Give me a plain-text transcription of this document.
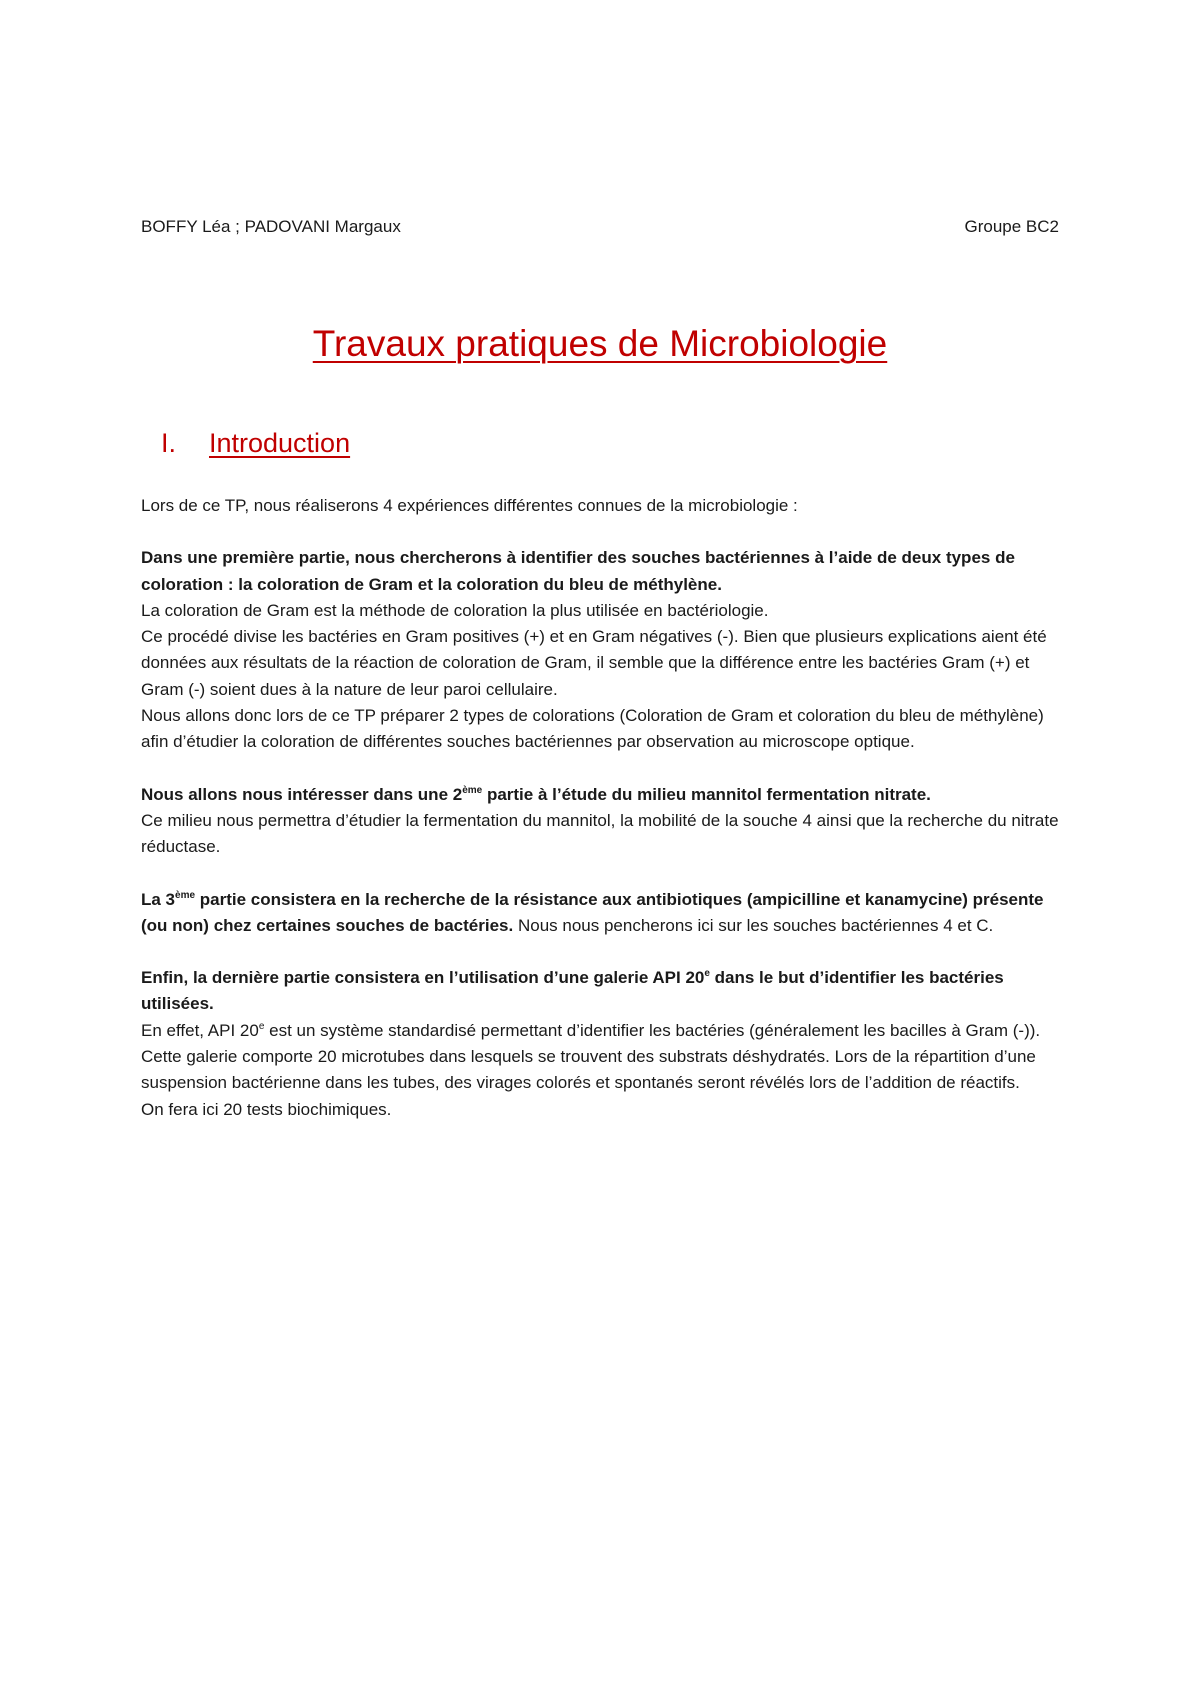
BOFFY Léa ; PADOVANI Margaux	Groupe BC2
Travaux pratiques de Microbiologie
I.	Introduction

Lors de ce TP, nous réaliserons 4 expériences différentes connues de la microbiologie :

Dans une première partie, nous chercherons à identifier des souches bactériennes à l’aide de deux types de coloration : la coloration de Gram et la coloration du bleu de méthylène.

La coloration de Gram est la méthode de coloration la plus utilisée en bactériologie.

Ce procédé divise les bactéries en Gram positives (+) et en Gram négatives (-). Bien que plusieurs explications aient été données aux résultats de la réaction de coloration de Gram, il semble que la différence entre les bactéries Gram (+) et Gram (-) soient dues à la nature de leur paroi cellulaire.

Nous allons donc lors de ce TP préparer 2 types de colorations (Coloration de Gram et coloration du bleu de méthylène) afin d’étudier la coloration de différentes souches bactériennes par observation au microscope optique.

Nous allons nous intéresser dans une 2ème partie à l’étude du milieu mannitol fermentation nitrate.

Ce milieu nous permettra d’étudier la fermentation du mannitol, la mobilité de la souche 4 ainsi que la recherche du nitrate réductase.

La 3ème partie consistera en la recherche de la résistance aux antibiotiques (ampicilline et kanamycine) présente (ou non) chez certaines souches de bactéries. Nous nous pencherons ici sur les souches bactériennes 4 et C.

Enfin, la dernière partie consistera en l’utilisation d’une galerie API 20e dans le but d’identifier les bactéries utilisées.

En effet, API 20e est un système standardisé permettant d’identifier les bactéries (généralement les bacilles à Gram (-)).

Cette galerie comporte 20 microtubes dans lesquels se trouvent des substrats déshydratés. Lors de la répartition d’une suspension bactérienne dans les tubes, des virages colorés et spontanés seront révélés lors de l’addition de réactifs.

On fera ici 20 tests biochimiques.
